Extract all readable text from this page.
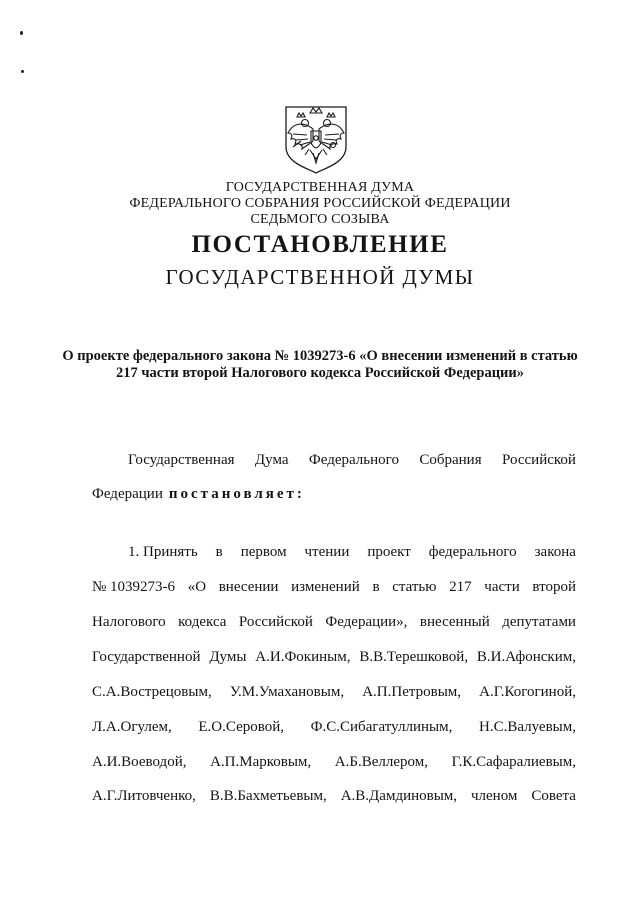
ГОСУДАРСТВЕННАЯ ДУМА
ФЕДЕРАЛЬНОГО СОБРАНИЯ РОССИЙСКОЙ ФЕДЕРАЦИИ
СЕДЬМОГО СОЗЫВА
ПОСТАНОВЛЕНИЕ
ГОСУДАРСТВЕННОЙ ДУМЫ
О проекте федерального закона № 1039273-6 «О внесении изменений в статью 217 части второй Налогового кодекса Российской Федерации»
Государственная Дума Федерального Собрания Российской
Федерации постановляет:
1. Принять в первом чтении проект федерального закона
№ 1039273-6 «О внесении изменений в статью 217 части второй
Налогового кодекса Российской Федерации», внесенный депутатами
Государственной Думы А.И.Фокиным, В.В.Терешковой, В.И.Афонским,
С.А.Вострецовым, У.М.Умахановым, А.П.Петровым, А.Г.Когогиной,
Л.А.Огулем, Е.О.Серовой, Ф.С.Сибагатуллиным, Н.С.Валуевым,
А.И.Воеводой, А.П.Марковым, А.Б.Веллером, Г.К.Сафаралиевым,
А.Г.Литовченко, В.В.Бахметьевым, А.В.Дамдиновым, членом Совета
